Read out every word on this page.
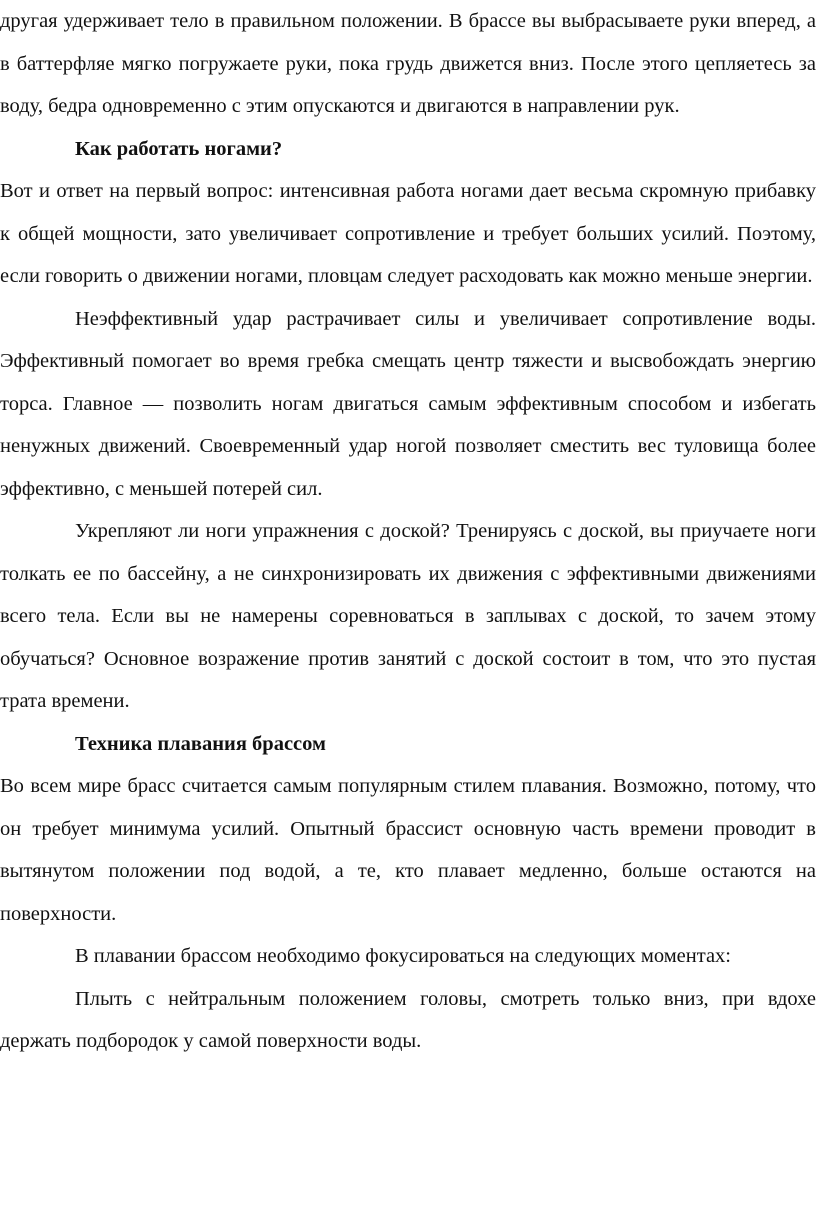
другая удерживает тело в правильном положении. В брассе вы выбрасываете руки вперед, а в баттерфляе мягко погружаете руки, пока грудь движется вниз. После этого цепляетесь за воду, бедра одновременно с этим опускаются и двигаются в направлении рук.

Как работать ногами?

Вот и ответ на первый вопрос: интенсивная работа ногами дает весьма скромную прибавку к общей мощности, зато увеличивает сопротивление и требует больших усилий. Поэтому, если говорить о движении ногами, пловцам следует расходовать как можно меньше энергии.

Неэффективный удар растрачивает силы и увеличивает сопротивление воды. Эффективный помогает во время гребка смещать центр тяжести и высвобождать энергию торса. Главное — позволить ногам двигаться самым эффективным способом и избегать ненужных движений. Своевременный удар ногой позволяет сместить вес туловища более эффективно, с меньшей потерей сил.

Укрепляют ли ноги упражнения с доской? Тренируясь с доской, вы приучаете ноги толкать ее по бассейну, а не синхронизировать их движения с эффективными движениями всего тела. Если вы не намерены соревноваться в заплывах с доской, то зачем этому обучаться? Основное возражение против занятий с доской состоит в том, что это пустая трата времени.

Техника плавания брассом

Во всем мире брасс считается самым популярным стилем плавания. Возможно, потому, что он требует минимума усилий. Опытный брассист основную часть времени проводит в вытянутом положении под водой, а те, кто плавает медленно, больше остаются на поверхности.

В плавании брассом необходимо фокусироваться на следующих моментах:

Плыть с нейтральным положением головы, смотреть только вниз, при вдохе держать подбородок у самой поверхности воды.
